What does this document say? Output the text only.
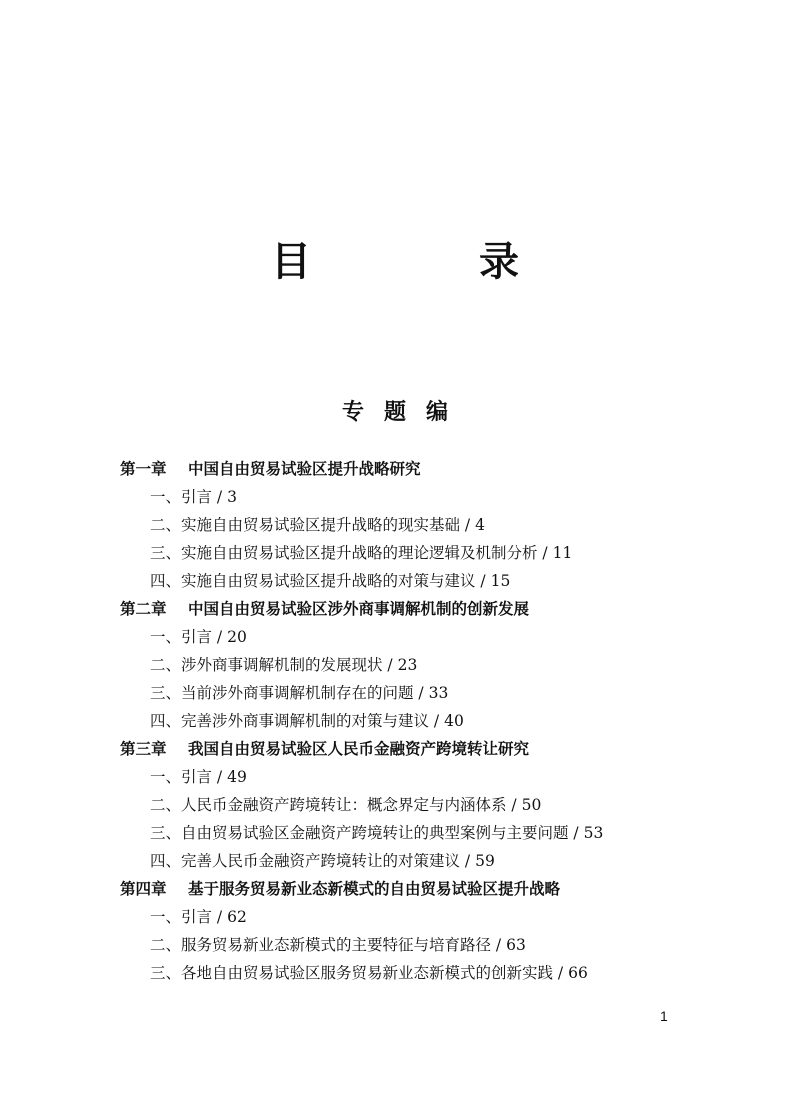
目　录
专题编
第一章 中国自由贸易试验区提升战略研究
一、引言 / 3
二、实施自由贸易试验区提升战略的现实基础 / 4
三、实施自由贸易试验区提升战略的理论逻辑及机制分析 / 11
四、实施自由贸易试验区提升战略的对策与建议 / 15
第二章 中国自由贸易试验区涉外商事调解机制的创新发展
一、引言 / 20
二、涉外商事调解机制的发展现状 / 23
三、当前涉外商事调解机制存在的问题 / 33
四、完善涉外商事调解机制的对策与建议 / 40
第三章 我国自由贸易试验区人民币金融资产跨境转让研究
一、引言 / 49
二、人民币金融资产跨境转让：概念界定与内涵体系 / 50
三、自由贸易试验区金融资产跨境转让的典型案例与主要问题 / 53
四、完善人民币金融资产跨境转让的对策建议 / 59
第四章 基于服务贸易新业态新模式的自由贸易试验区提升战略
一、引言 / 62
二、服务贸易新业态新模式的主要特征与培育路径 / 63
三、各地自由贸易试验区服务贸易新业态新模式的创新实践 / 66
1
